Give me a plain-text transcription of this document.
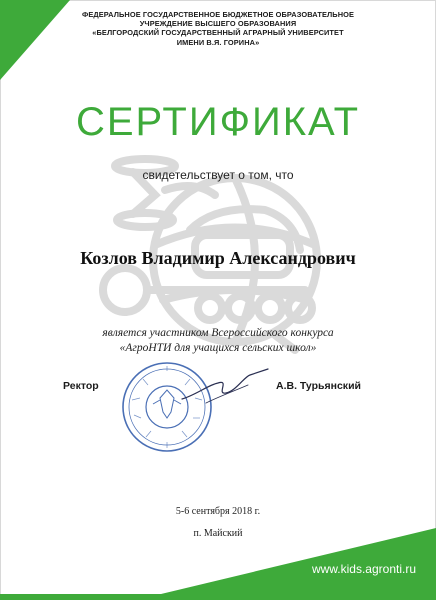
ФЕДЕРАЛЬНОЕ ГОСУДАРСТВЕННОЕ БЮДЖЕТНОЕ ОБРАЗОВАТЕЛЬНОЕ
УЧРЕЖДЕНИЕ ВЫСШЕГО ОБРАЗОВАНИЯ
«БЕЛГОРОДСКИЙ ГОСУДАРСТВЕННЫЙ АГРАРНЫЙ УНИВЕРСИТЕТ
ИМЕНИ В.Я. ГОРИНА»
СЕРТИФИКАТ
свидетельствует о том, что
Козлов Владимир Александрович
является участником Всероссийского конкурса
«АгроНТИ для учащихся сельских школ»
Ректор	А.В. Турьянский
5-6 сентября 2018 г.
п. Майский
www.kids.agronti.ru
